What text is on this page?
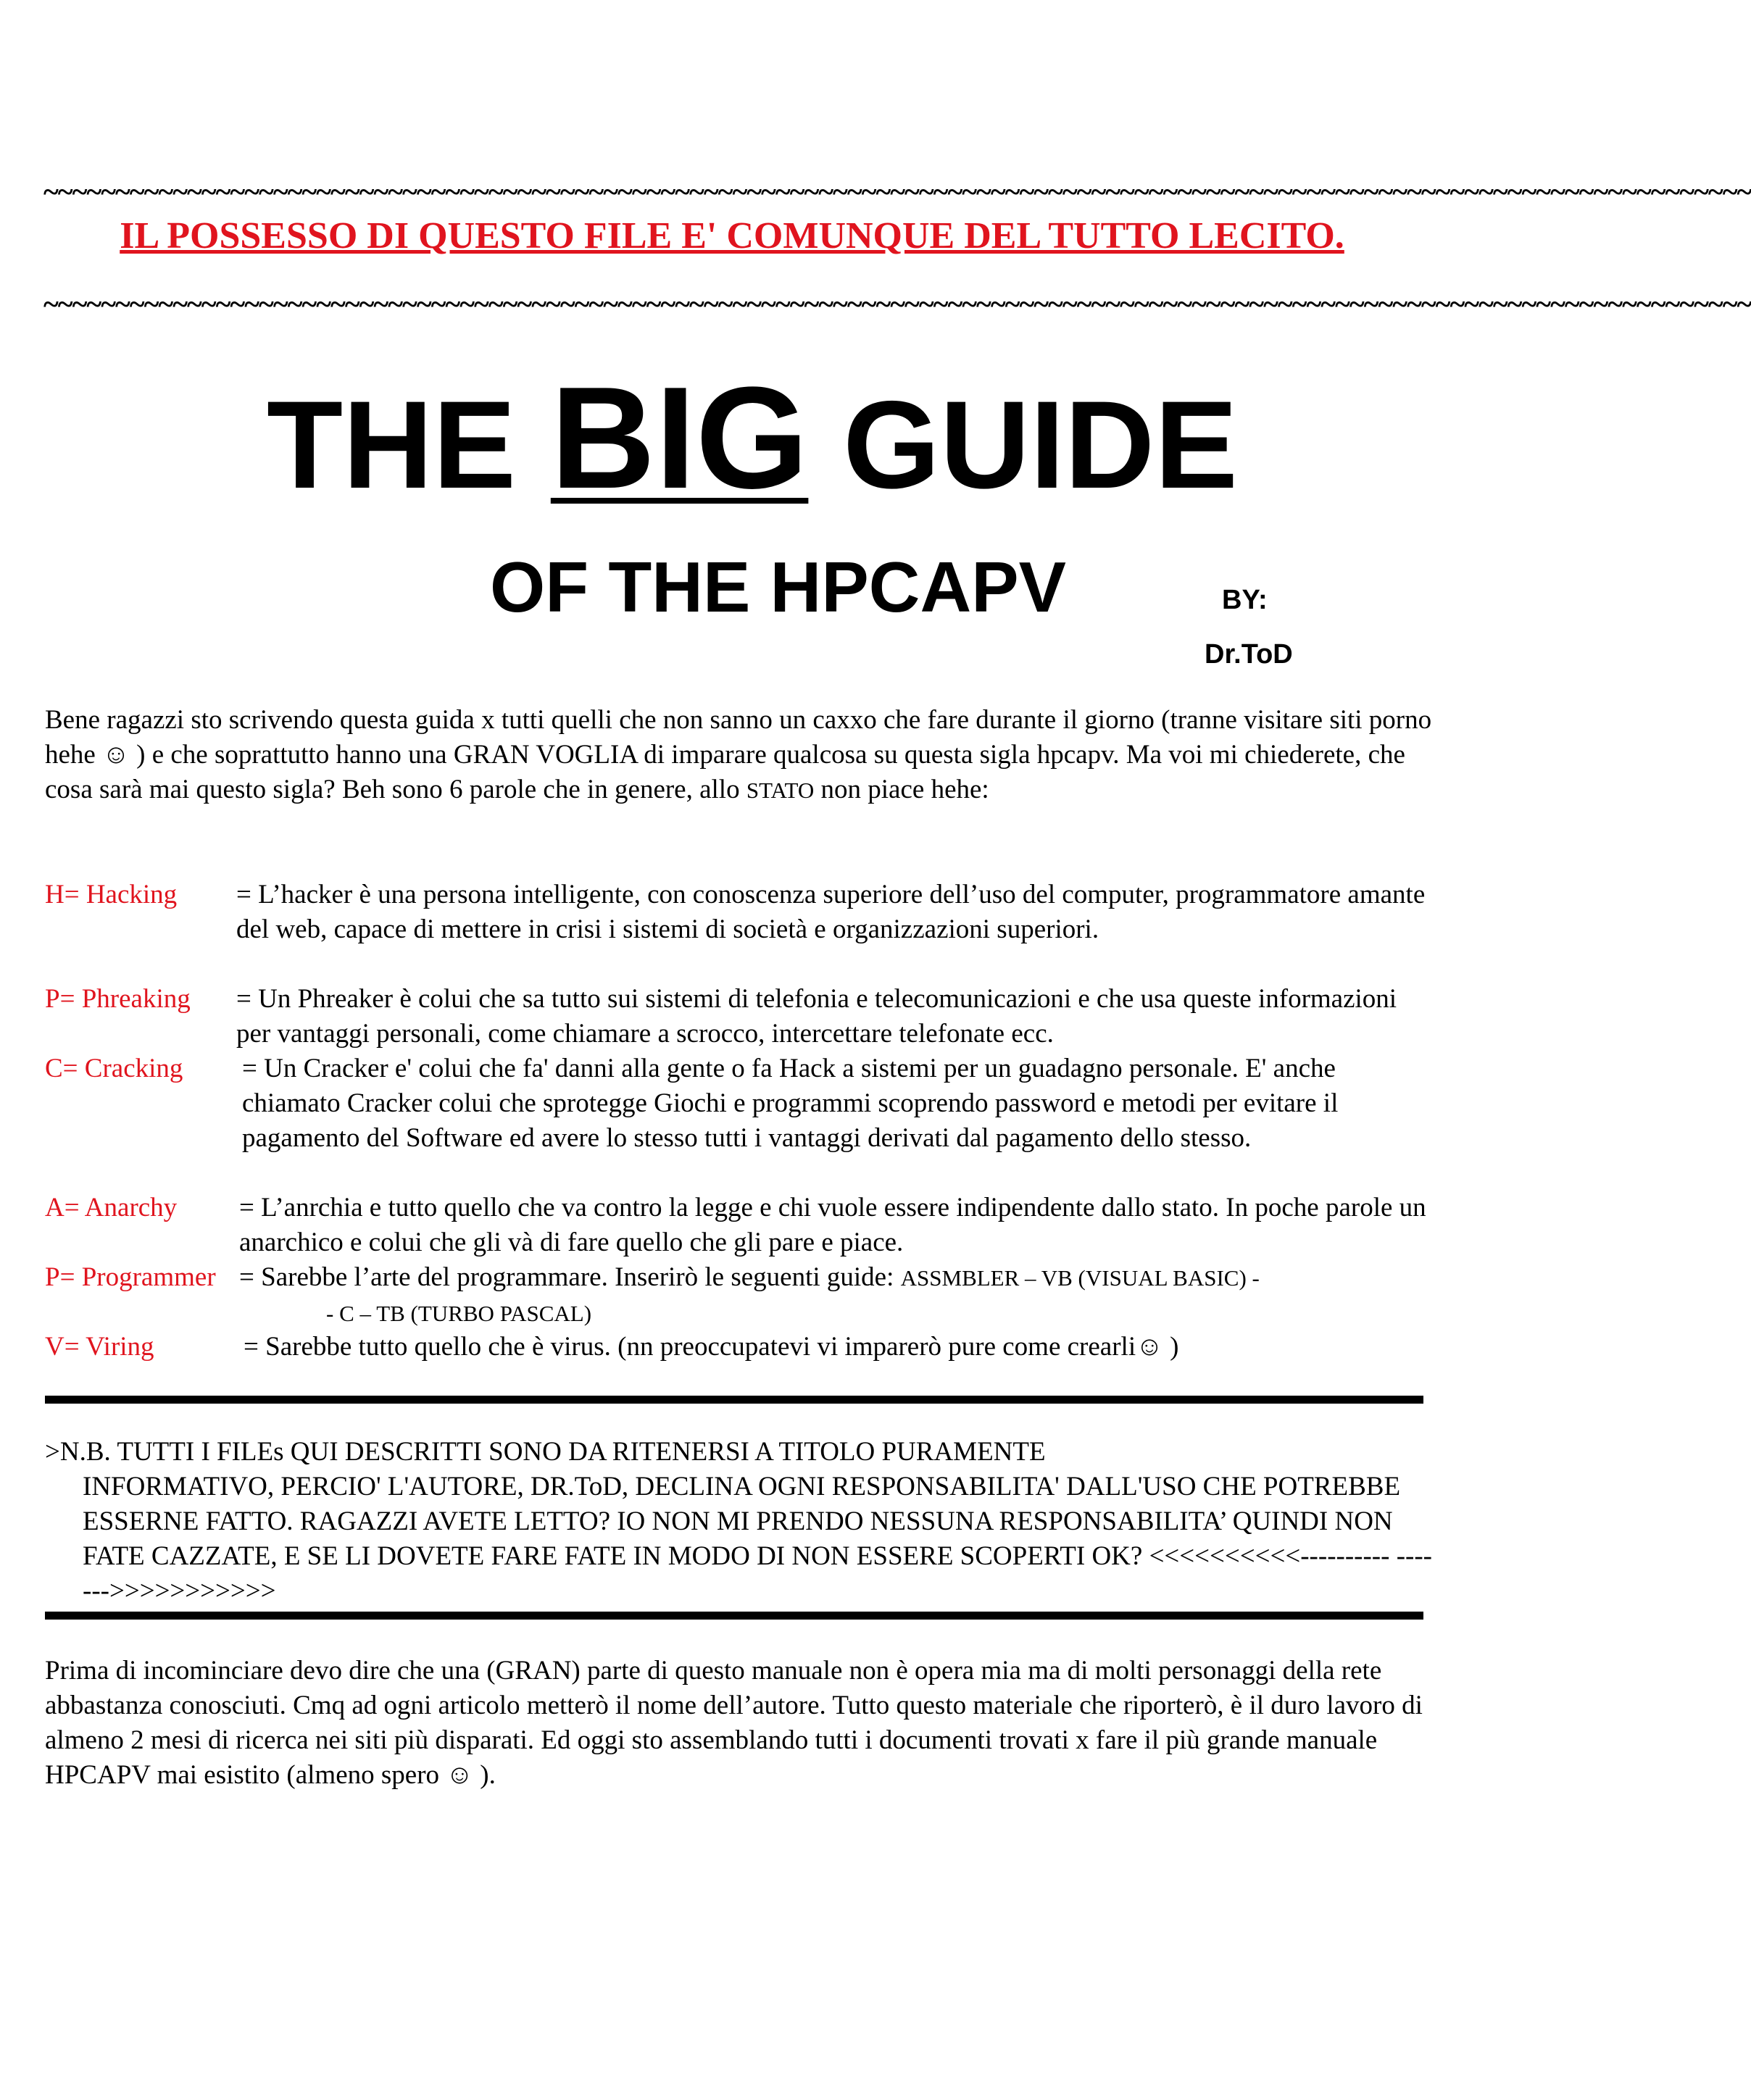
~~~~~~~~~~~~~~~~~~~~~~~~~~~~~~~~~~~~~~~~~~~~~~~~~~~~~~~~~~~~~~~~~~~~~~~~~~~~~~~~~~~~~~~~~~~~~~~~~~~~~~~~~~~~~~~~~~~~~~~
IL POSSESSO DI QUESTO FILE E' COMUNQUE DEL TUTTO LECITO.
~~~~~~~~~~~~~~~~~~~~~~~~~~~~~~~~~~~~~~~~~~~~~~~~~~~~~~~~~~~~~~~~~~~~~~~~~~~~~~~~~~~~~~~~~~~~~~~~~~~~~~~~~~~~~~~~~~~~~~~
THE BIG GUIDE
OF THE HPCAPV	BY:
Dr.ToD
Bene ragazzi sto scrivendo questa guida x tutti quelli che non sanno un caxxo che fare durante il giorno (tranne visitare siti porno hehe ☺ ) e che soprattutto hanno una GRAN VOGLIA di imparare qualcosa su questa sigla hpcapv. Ma voi mi chiederete, che cosa sarà mai questo sigla? Beh sono 6 parole che in genere, allo STATO non piace hehe:
H= Hacking = L’hacker è una persona intelligente, con conoscenza superiore dell’uso del computer, programmatore amante del web, capace di mettere in crisi i sistemi di società e organizzazioni superiori.
P= Phreaking = Un Phreaker è colui che sa tutto sui sistemi di telefonia e telecomunicazioni e che usa queste informazioni per vantaggi personali, come chiamare a scrocco, intercettare telefonate ecc.
C= Cracking = Un Cracker e' colui che fa' danni alla gente o fa Hack a sistemi per un guadagno personale. E' anche chiamato Cracker colui che sprotegge Giochi e programmi scoprendo password e metodi per evitare il pagamento del Software ed avere lo stesso tutti i vantaggi derivati dal pagamento dello stesso.
A= Anarchy = L’anrchia e tutto quello che va contro la legge e chi vuole essere indipendente dallo stato. In poche parole un anarchico e colui che gli và di fare quello che gli pare e piace.
P= Programmer = Sarebbe l’arte del programmare. Inserirò le seguenti guide: ASSMBLER – VB (VISUAL BASIC) -
- C – TB (TURBO PASCAL)
V= Viring	= Sarebbe tutto quello che è virus. (nn preoccupatevi vi imparerò pure come crearli☺ )
>N.B. TUTTI I FILEs QUI DESCRITTI SONO DA RITENERSI A TITOLO PURAMENTE
INFORMATIVO, PERCIO' L'AUTORE, DR.ToD, DECLINA OGNI RESPONSABILITA' DALL'USO CHE POTREBBE ESSERNE FATTO. RAGAZZI AVETE LETTO? IO NON MI PRENDO NESSUNA RESPONSABILITA’ QUINDI NON FATE CAZZATE, E SE LI DOVETE FARE FATE IN MODO DI NON ESSERE SCOPERTI OK? <<<<<<<<<<---------- ------->>>>>>>>>>>
Prima di incominciare devo dire che una (GRAN) parte di questo manuale non è opera mia ma di molti personaggi della rete abbastanza conosciuti. Cmq ad ogni articolo metterò il nome dell’autore. Tutto questo materiale che riporterò, è il duro lavoro di almeno 2 mesi di ricerca nei siti più disparati. Ed oggi sto assemblando tutti i documenti trovati x fare il più grande manuale HPCAPV mai esistito (almeno spero ☺ ).
